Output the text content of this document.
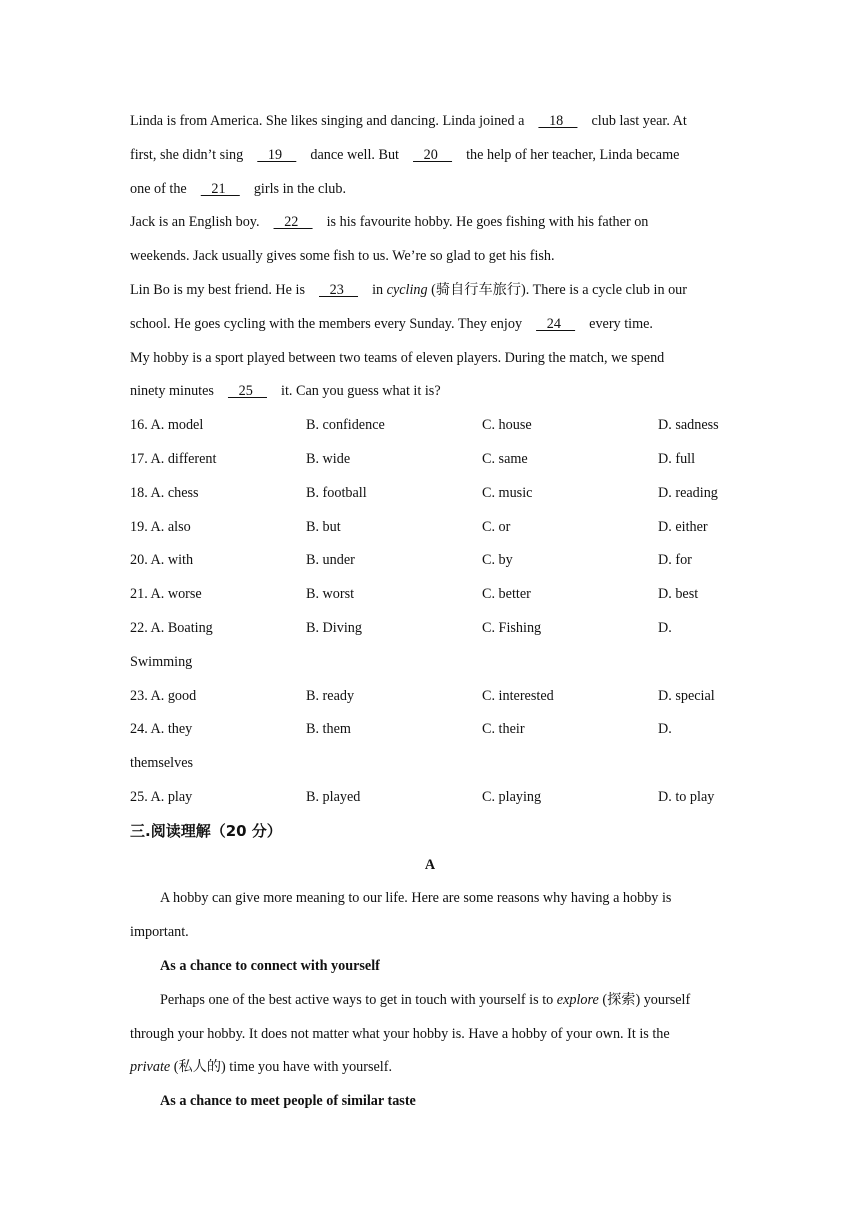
Linda is from America. She likes singing and dancing. Linda joined a    18     club last year. At
first, she didn’t sing    19     dance well. But    20     the help of her teacher, Linda became
one of the    21     girls in the club.
Jack is an English boy.    22     is his favourite hobby. He goes fishing with his father on
weekends. Jack usually gives some fish to us. We’re so glad to get his fish.
Lin Bo is my best friend. He is    23     in cycling (骑自行车旅行). There is a cycle club in our
school. He goes cycling with the members every Sunday. They enjoy    24     every time.
My hobby is a sport played between two teams of eleven players. During the match, we spend
ninety minutes    25     it. Can you guess what it is?
16. A. model	B. confidence	C. house	D. sadness
17. A. different	B. wide	C. same	D. full
18. A. chess	B. football	C. music	D. reading
19. A. also	B. but	C. or	D. either
20. A. with	B. under	C. by	D. for
21. A. worse	B. worst	C. better	D. best
22. A. Boating	B. Diving	C. Fishing	D.
Swimming
23. A. good	B. ready	C. interested	D. special
24. A. they	B. them	C. their	D.
themselves
25. A. play	B. played	C. playing	D. to play
三.阅读理解（20 分）
A
A hobby can give more meaning to our life. Here are some reasons why having a hobby is
important.
As a chance to connect with yourself
Perhaps one of the best active ways to get in touch with yourself is to explore (探索) yourself
through your hobby. It does not matter what your hobby is. Have a hobby of your own. It is the
private (私人的) time you have with yourself.
As a chance to meet people of similar taste
